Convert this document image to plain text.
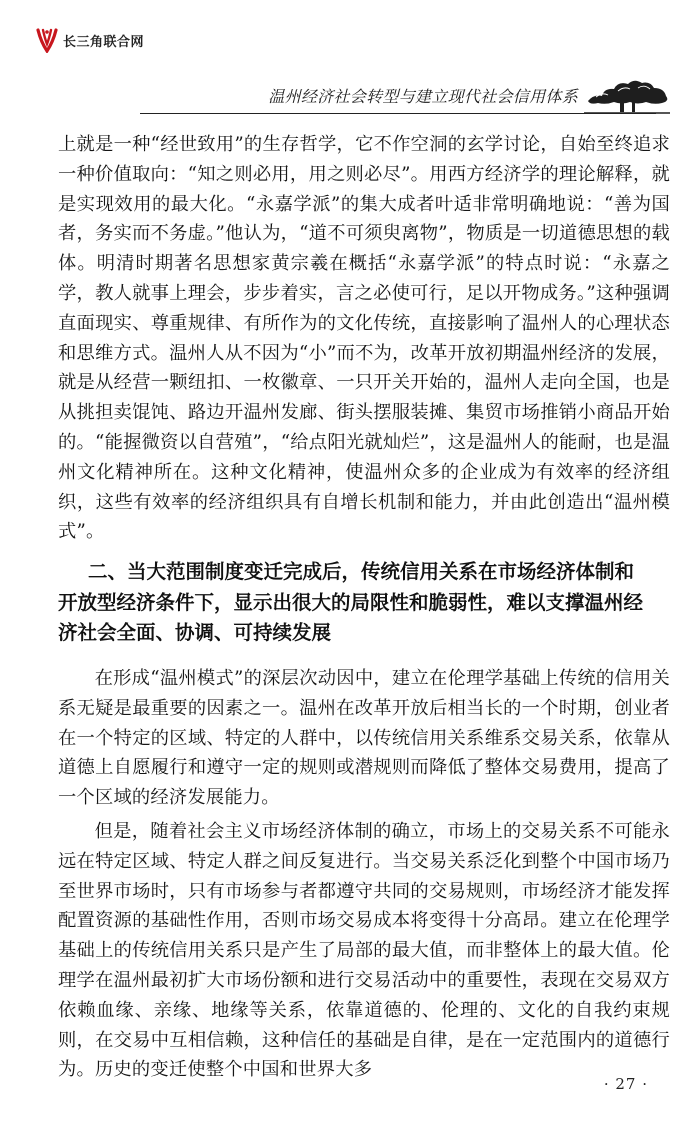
长三角联合网
温州经济社会转型与建立现代社会信用体系

上就是一种“经世致用”的生存哲学，它不作空洞的玄学讨论，自始至终追求一种价值取向：“知之则必用，用之则必尽”。用西方经济学的理论解释，就是实现效用的最大化。“永嘉学派”的集大成者叶适非常明确地说：“善为国者，务实而不务虚。”他认为，“道不可须臾离物”，物质是一切道德思想的载体。明清时期著名思想家黄宗羲在概括“永嘉学派”的特点时说：“永嘉之学，教人就事上理会，步步着实，言之必使可行，足以开物成务。”这种强调直面现实、尊重规律、有所作为的文化传统，直接影响了温州人的心理状态和思维方式。温州人从不因为“小”而不为，改革开放初期温州经济的发展，就是从经营一颗纽扣、一枚徽章、一只开关开始的，温州人走向全国，也是从挑担卖馄饨、路边开温州发廊、街头摆服装摊、集贸市场推销小商品开始的。“能握微资以自营殖”，“给点阳光就灿烂”，这是温州人的能耐，也是温州文化精神所在。这种文化精神，使温州众多的企业成为有效率的经济组织，这些有效率的经济组织具有自增长机制和能力，并由此创造出“温州模式”。

二、当大范围制度变迁完成后，传统信用关系在市场经济体制和开放型经济条件下，显示出很大的局限性和脆弱性，难以支撑温州经济社会全面、协调、可持续发展

在形成“温州模式”的深层次动因中，建立在伦理学基础上传统的信用关系无疑是最重要的因素之一。温州在改革开放后相当长的一个时期，创业者在一个特定的区域、特定的人群中，以传统信用关系维系交易关系，依靠从道德上自愿履行和遵守一定的规则或潜规则而降低了整体交易费用，提高了一个区域的经济发展能力。

但是，随着社会主义市场经济体制的确立，市场上的交易关系不可能永远在特定区域、特定人群之间反复进行。当交易关系泛化到整个中国市场乃至世界市场时，只有市场参与者都遵守共同的交易规则，市场经济才能发挥配置资源的基础性作用，否则市场交易成本将变得十分高昂。建立在伦理学基础上的传统信用关系只是产生了局部的最大值，而非整体上的最大值。伦理学在温州最初扩大市场份额和进行交易活动中的重要性，表现在交易双方依赖血缘、亲缘、地缘等关系，依靠道德的、伦理的、文化的自我约束规则，在交易中互相信赖，这种信任的基础是自律，是在一定范围内的道德行为。历史的变迁使整个中国和世界大多

· 27 ·
